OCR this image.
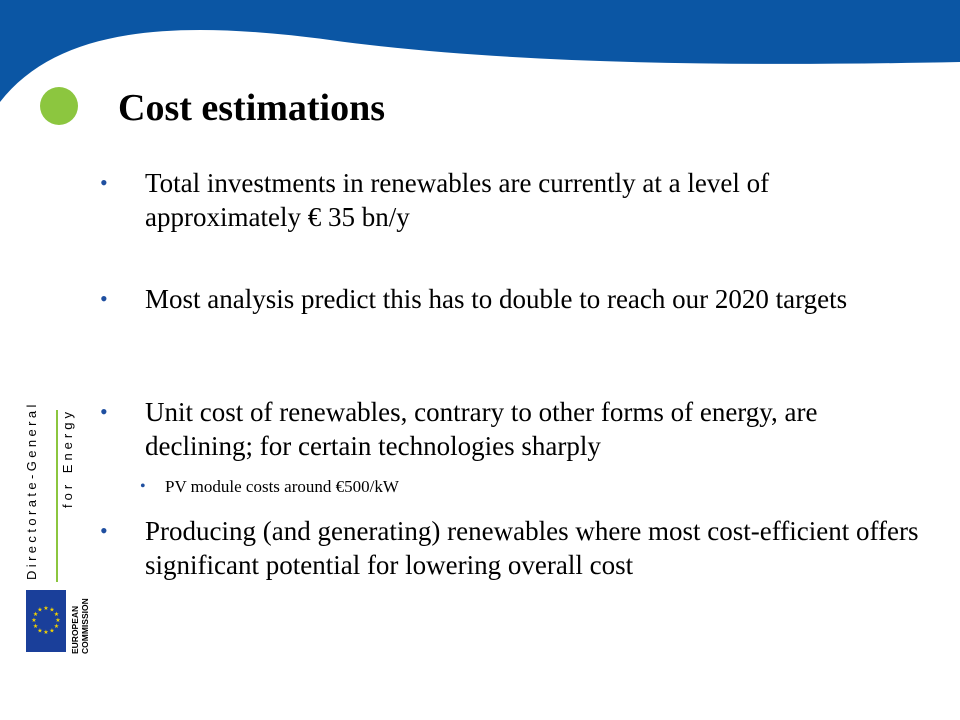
Cost estimations
• Total investments in renewables are currently at a level of approximately € 35 bn/y
• Most analysis predict this has to double to reach our 2020 targets
• Unit cost of renewables, contrary to other forms of energy, are declining; for certain technologies sharply
• Producing (and generating) renewables where most cost-efficient offers significant potential for lowering overall cost
• PV module costs around €500/kW
Directorate-General for Energy
★ ★
★
★
★
★
★
★
★
★
★
★	EUROPEAN COMMISSION
